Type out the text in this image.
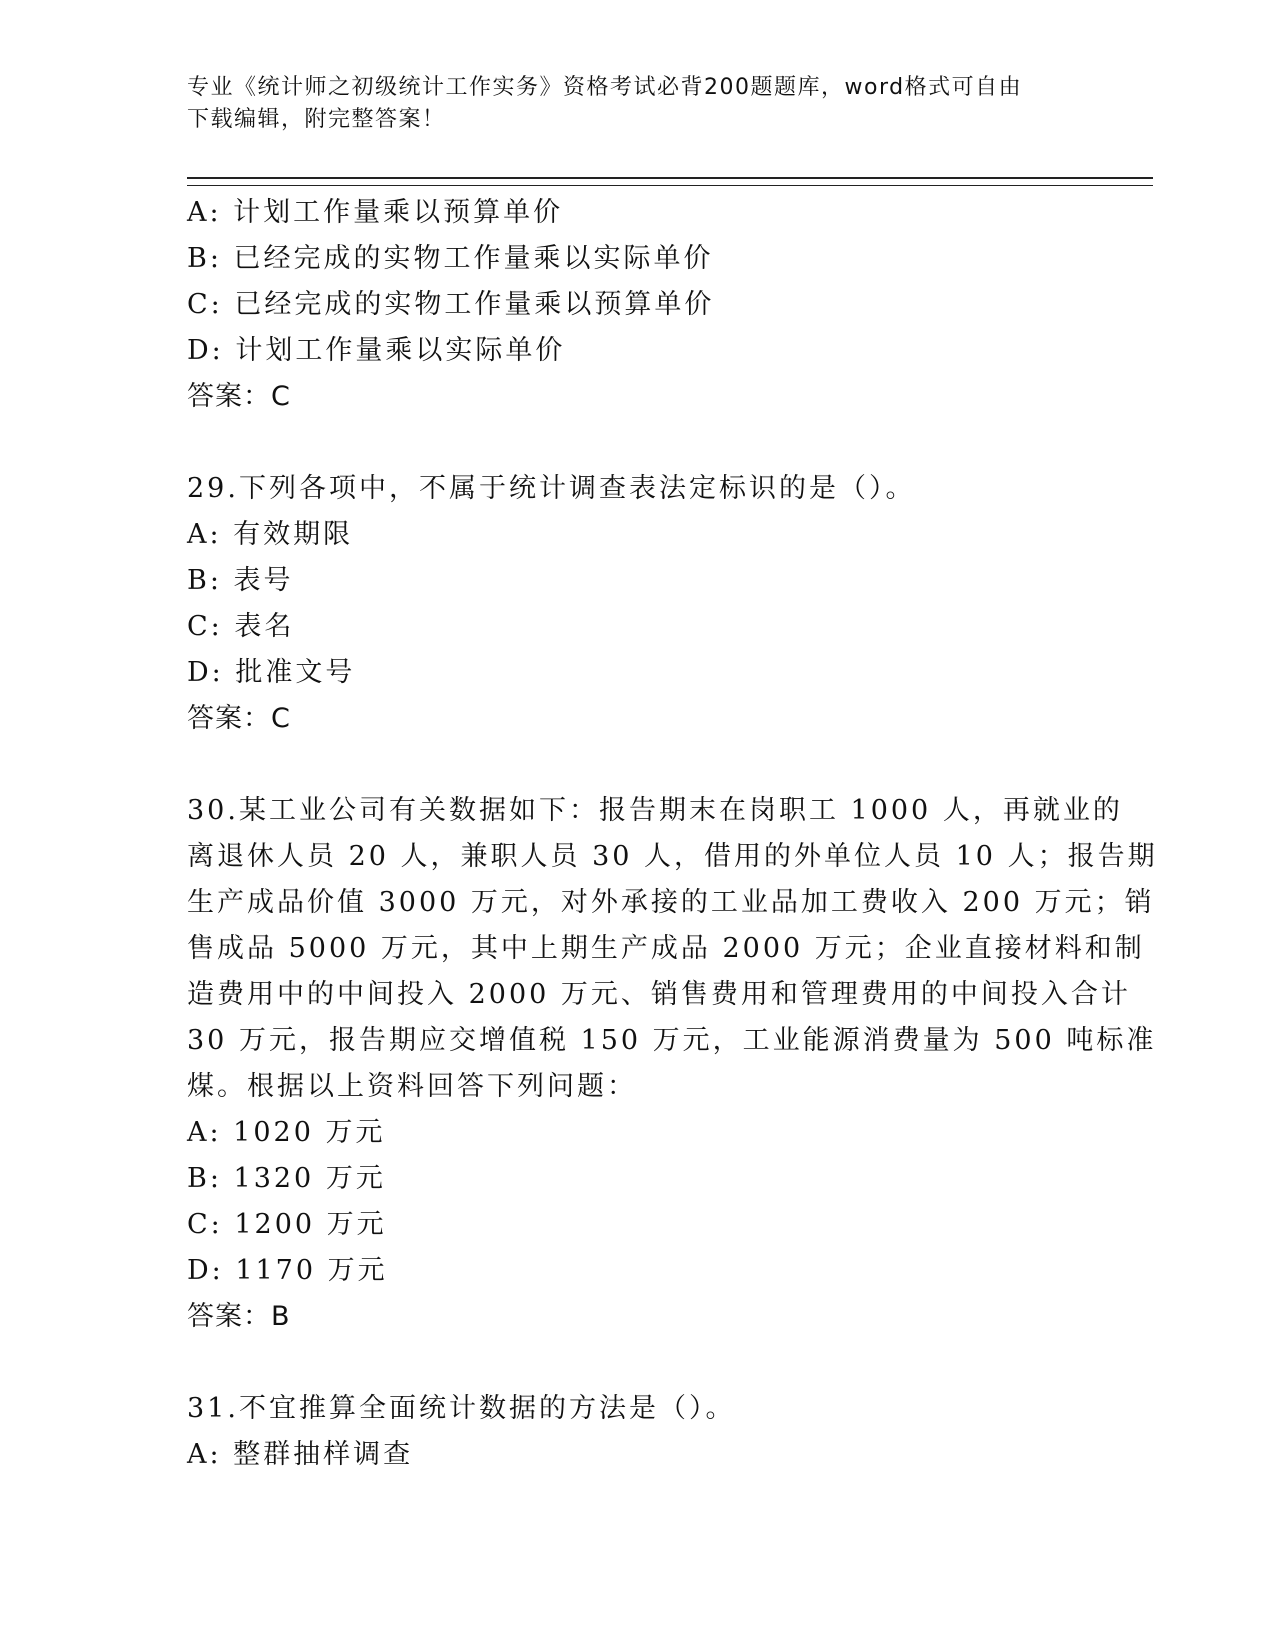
专业《统计师之初级统计工作实务》资格考试必背200题题库，word格式可自由
下载编辑，附完整答案！
A: 计划工作量乘以预算单价
B: 已经完成的实物工作量乘以实际单价
C: 已经完成的实物工作量乘以预算单价
D: 计划工作量乘以实际单价
答案：C
29.下列各项中，不属于统计调查表法定标识的是（）。
A: 有效期限
B: 表号
C: 表名
D: 批准文号
答案：C
30.某工业公司有关数据如下：报告期末在岗职工 1000 人，再就业的
离退休人员 20 人，兼职人员 30 人，借用的外单位人员 10 人；报告期
生产成品价值 3000 万元，对外承接的工业品加工费收入 200 万元；销
售成品 5000 万元，其中上期生产成品 2000 万元；企业直接材料和制
造费用中的中间投入 2000 万元、销售费用和管理费用的中间投入合计
30 万元，报告期应交增值税 150 万元，工业能源消费量为 500 吨标准
煤。根据以上资料回答下列问题：
A: 1020 万元
B: 1320 万元
C: 1200 万元
D: 1170 万元
答案：B
31.不宜推算全面统计数据的方法是（）。
A: 整群抽样调查
